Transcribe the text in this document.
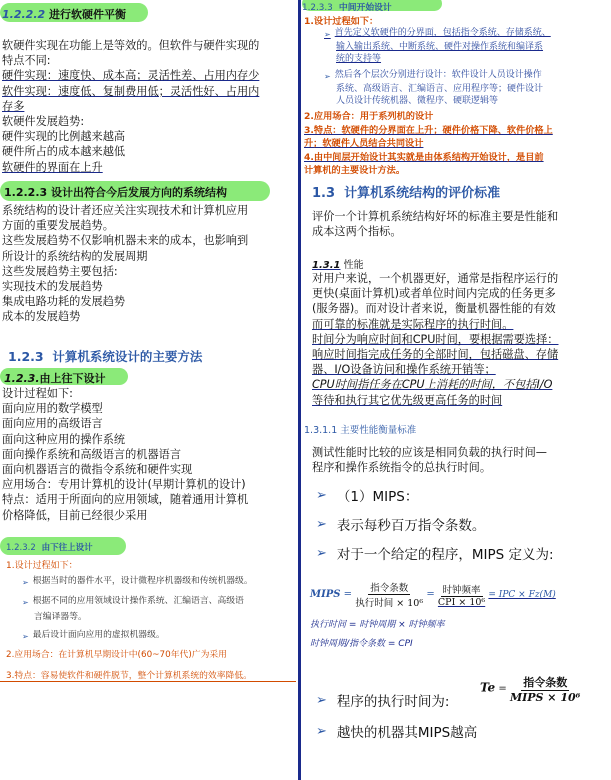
1.2.2.2 进行软硬件平衡
软硬件实现在功能上是等效的。但软件与硬件实现的
特点不同:
硬件实现：速度快、成本高；灵活性差、占用内存少
软件实现：速度低、复制费用低；灵活性好、占用内
存多
软硬件发展趋势:
硬件实现的比例越来越高
硬件所占的成本越来越低
软硬件的界面在上升
1.2.2.3 设计出符合今后发展方向的系统结构
系统结构的设计者还应关注实现技术和计算机应用
方面的重要发展趋势。
这些发展趋势不仅影响机器未来的成本，也影响到
所设计的系统结构的发展周期
这些发展趋势主要包括:
实现技术的发展趋势
集成电路功耗的发展趋势
成本的发展趋势
1.2.3 计算机系统设计的主要方法
1.2.3.由上往下设计
设计过程如下:
面向应用的数学模型
面向应用的高级语言
面向这种应用的操作系统
面向操作系统和高级语言的机器语言
面向机器语言的微指令系统和硬件实现
应用场合：专用计算机的设计(早期计算机的设计)
特点：适用于所面向的应用领域，随着通用计算机
价格降低，目前已经很少采用
1.2.3.2 由下往上设计
1.设计过程如下：
➢ 根据当时的器件水平，设计微程序机器级和传统机器级。
➢ 根据不同的应用领域设计操作系统、汇编语言、高级语
言编译器等。
➢ 最后设计面向应用的虚拟机器级。
2.应用场合：在计算机早期设计中(60~70年代)广为采用
3.特点：容易使软件和硬件脱节，整个计算机系统的效率降低。
1.2.3.3 中间开始设计
1.设计过程如下：
➢ 首先定义软硬件的分界面，包括指令系统、存储系统、
输入输出系统、中断系统、硬件对操作系统和编译系
统的支持等
➢ 然后各个层次分别进行设计：软件设计人员设计操作
系统、高级语言、汇编语言、应用程序等；硬件设计
人员设计传统机器、微程序、硬联逻辑等
2.应用场合：用于系列机的设计
3.特点：软硬件的分界面在上升；硬件价格下降、软件价格上
升；软硬件人员结合共同设计
4.由中间层开始设计其实就是由体系结构开始设计，是目前
计算机的主要设计方法。
1.3 计算机系统结构的评价标准
评价一个计算机系统结构好坏的标准主要是性能和
成本这两个指标。
1.3.1 性能
对用户来说，一个机器更好，通常是指程序运行的
更快(桌面计算机)或者单位时间内完成的任务更多
(服务器)。而对设计者来说，衡量机器性能的有效
而可靠的标准就是实际程序的执行时间。
时间分为响应时间和CPU时间，要根据需要选择：
响应时间指完成任务的全部时间，包括磁盘、存储
器、I/O设备访问和操作系统开销等；
CPU时间指任务在CPU上消耗的时间，不包括I/O
等待和执行其它优先级更高任务的时间
1.3.1.1 主要性能衡量标准
测试性能时比较的应该是相同负载的执行时间—
程序和操作系统指令的总执行时间。
➢ （1）MIPS：
➢ 表示每秒百万指令条数。
➢ 对于一个给定的程序，MIPS 定义为:
MIPS = $\frac{\text{指令条数}}{\text{执行时间 × 10⁶}} = \frac{\text{时钟频率}}{\text{CPI × 10⁶}}$ = IPC × Fz(M)
执行时间 = 时钟周期 × 时钟频率
时钟周期/指令条数 = CPI
➢ 程序的执行时间为:
$Te = \frac{\text{指令条数}}{\text{MIPS × 10⁶}}$
➢ 越快的机器其MIPS越高
